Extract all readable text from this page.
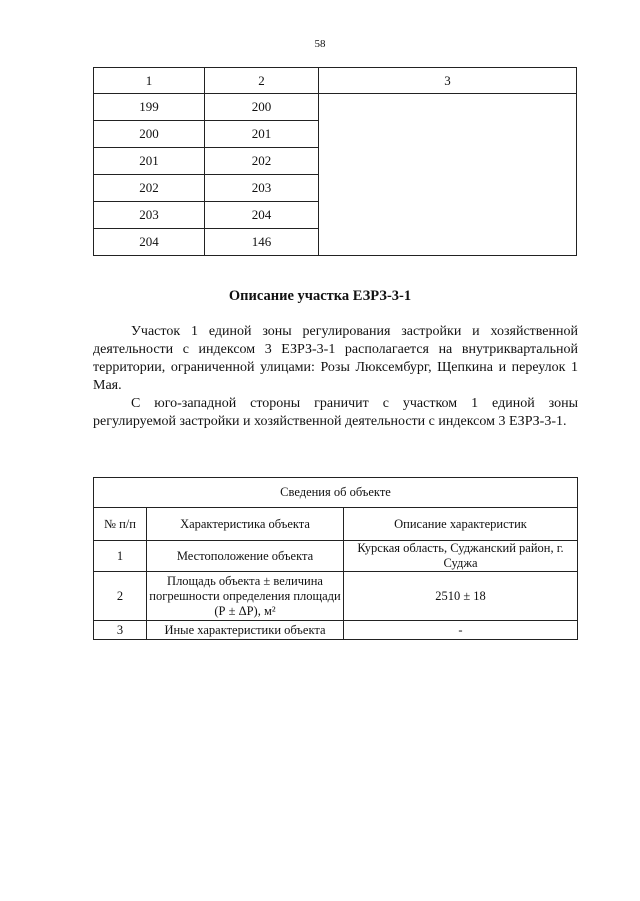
58
1	2	3
199	200	
200	201	
201	202	
202	203	
203	204	
204	146	
Описание участка ЕЗРЗ-3-1

Участок 1 единой зоны регулирования застройки и хозяйственной деятельности с индексом 3 ЕЗРЗ-3-1 располагается на внутриквартальной территории, ограниченной улицами: Розы Люксембург, Щепкина и переулок 1 Мая.

С юго-западной стороны граничит с участком 1 единой зоны регулируемой застройки и хозяйственной деятельности с индексом 3 ЕЗРЗ-3-1.

Сведения об объекте		
№ п/п	Характеристика объекта	Описание характеристик
1	Местоположение объекта	Курская область, Суджанский район, г. Суджа
2	Площадь объекта ± величина погрешности определения площади (Р ± ΔР), м²	2510 ± 18
3	Иные характеристики объекта	-
